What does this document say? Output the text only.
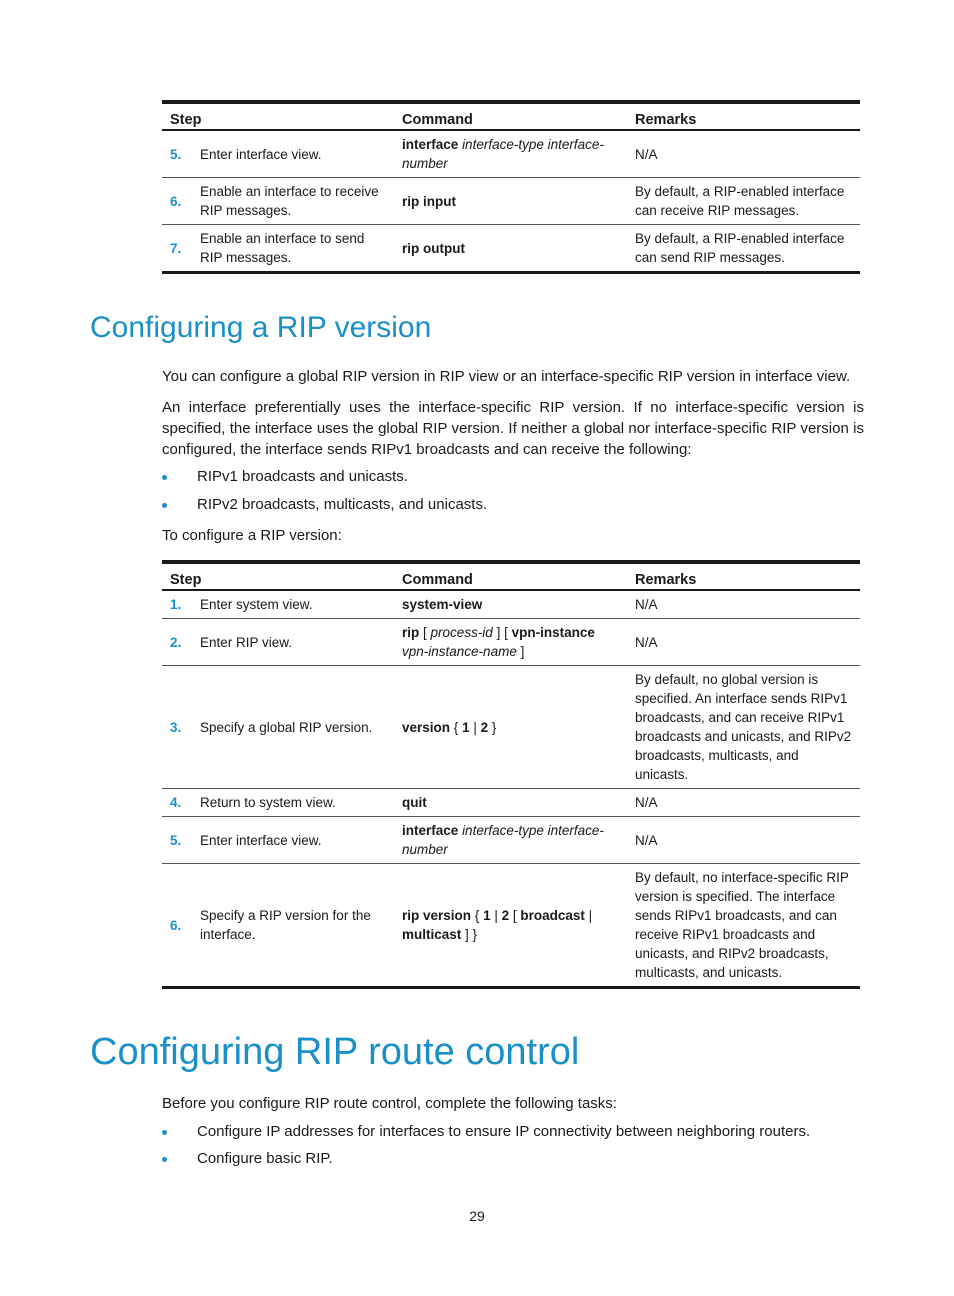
Step		Command	Remarks
5.	Enter interface view.	interface interface-type interface-number	N/A
6.	Enable an interface to receive RIP messages.	rip input	By default, a RIP-enabled interface can receive RIP messages.
7.	Enable an interface to send RIP messages.	rip output	By default, a RIP-enabled interface can send RIP messages.
Configuring a RIP version

You can configure a global RIP version in RIP view or an interface-specific RIP version in interface view.

An interface preferentially uses the interface-specific RIP version. If no interface-specific version is specified, the interface uses the global RIP version. If neither a global nor interface-specific RIP version is configured, the interface sends RIPv1 broadcasts and can receive the following:

RIPv1 broadcasts and unicasts.
RIPv2 broadcasts, multicasts, and unicasts.

To configure a RIP version:

Step		Command	Remarks
1.	Enter system view.	system-view	N/A
2.	Enter RIP view.	rip [ process-id ] [ vpn-instance vpn-instance-name ]	N/A
3.	Specify a global RIP version.	version { 1 | 2 }	By default, no global version is specified. An interface sends RIPv1 broadcasts, and can receive RIPv1 broadcasts and unicasts, and RIPv2 broadcasts, multicasts, and unicasts.
4.	Return to system view.	quit	N/A
5.	Enter interface view.	interface interface-type interface-number	N/A
6.	Specify a RIP version for the interface.	rip version { 1 | 2 [ broadcast | multicast ] }	By default, no interface-specific RIP version is specified. The interface sends RIPv1 broadcasts, and can receive RIPv1 broadcasts and unicasts, and RIPv2 broadcasts, multicasts, and unicasts.
Configuring RIP route control

Before you configure RIP route control, complete the following tasks:

Configure IP addresses for interfaces to ensure IP connectivity between neighboring routers.
Configure basic RIP.
29
